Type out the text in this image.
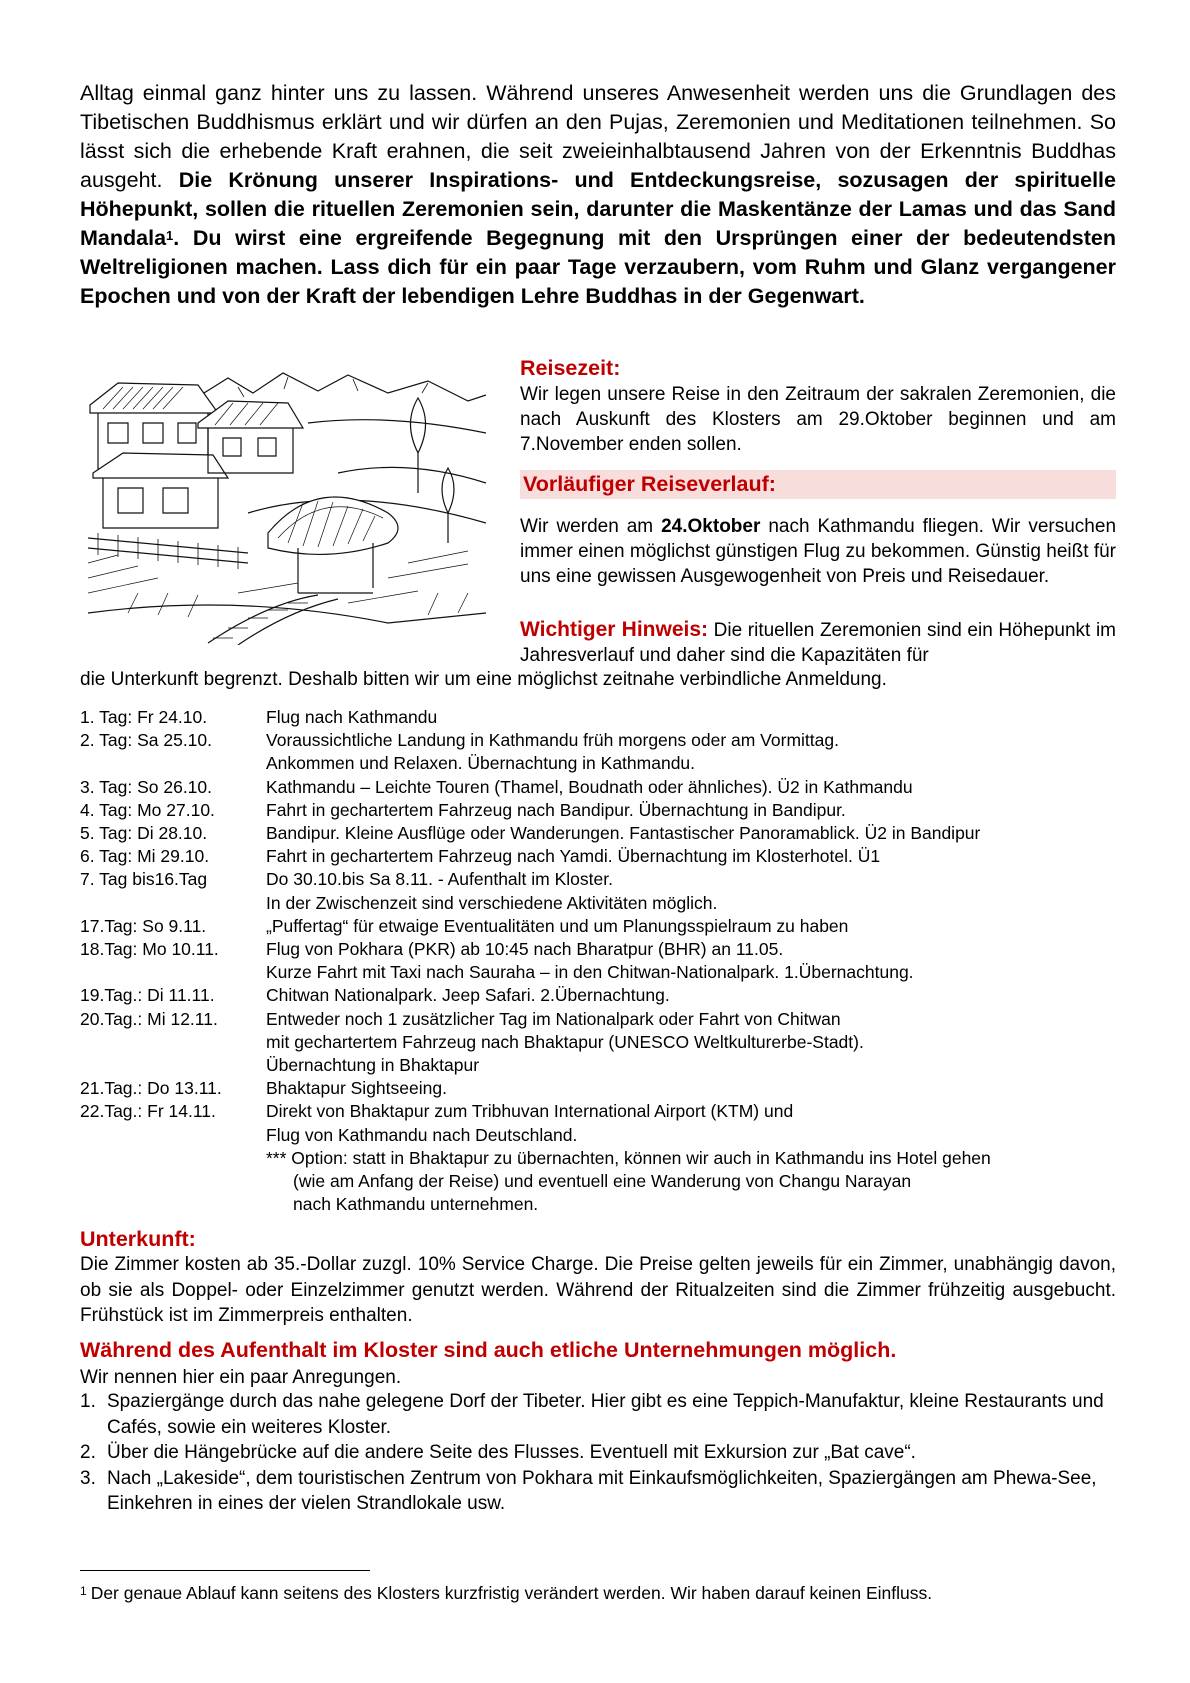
Alltag einmal ganz hinter uns zu lassen. Während unseres Anwesenheit werden uns die Grundlagen des Tibetischen Buddhismus erklärt und wir dürfen an den Pujas, Zeremonien und Meditationen teilnehmen. So lässt sich die erhebende Kraft erahnen, die seit zweieinhalbtausend Jahren von der Erkenntnis Buddhas ausgeht. Die Krönung unserer Inspirations- und Entdeckungsreise, sozusagen der spirituelle Höhepunkt, sollen die rituellen Zeremonien sein, darunter die Maskentänze der Lamas und das Sand Mandala$^1$. Du wirst eine ergreifende Begegnung mit den Ursprüngen einer der bedeutendsten Weltreligionen machen. Lass dich für ein paar Tage verzaubern, vom Ruhm und Glanz vergangener Epochen und von der Kraft der lebendigen Lehre Buddhas in der Gegenwart.

Reisezeit:

Wir legen unsere Reise in den Zeitraum der sakralen Zeremonien, die nach Auskunft des Klosters am 29.Oktober beginnen und am 7.November enden sollen.

Vorläufiger Reiseverlauf:

Wir werden am 24.Oktober nach Kathmandu fliegen. Wir versuchen immer einen möglichst günstigen Flug zu bekommen. Günstig heißt für uns eine gewissen Ausgewogenheit von Preis und Reisedauer.

Wichtiger Hinweis: Die rituellen Zeremonien sind ein Höhepunkt im Jahresverlauf und daher sind die Kapazitäten für

die Unterkunft begrenzt. Deshalb bitten wir um eine möglichst zeitnahe verbindliche Anmeldung.

1. Tag: Fr 24.10.	Flug nach Kathmandu
2. Tag: Sa 25.10.	Voraussichtliche Landung in Kathmandu früh morgens oder am Vormittag.
Ankommen und Relaxen. Übernachtung in Kathmandu.
3. Tag: So 26.10.	Kathmandu – Leichte Touren (Thamel, Boudnath oder ähnliches). Ü2 in Kathmandu
4. Tag: Mo 27.10.	Fahrt in gechartertem Fahrzeug nach Bandipur. Übernachtung in Bandipur.
5. Tag: Di 28.10.	Bandipur. Kleine Ausflüge oder Wanderungen. Fantastischer Panoramablick. Ü2 in Bandipur
6. Tag: Mi 29.10.	Fahrt in gechartertem Fahrzeug nach Yamdi. Übernachtung im Klosterhotel. Ü1
7. Tag bis16.Tag	Do 30.10.bis Sa 8.11. - Aufenthalt im Kloster.
In der Zwischenzeit sind verschiedene Aktivitäten möglich.
17.Tag: So 9.11.	„Puffertag“ für etwaige Eventualitäten und um Planungsspielraum zu haben
18.Tag: Mo 10.11.	Flug von Pokhara (PKR) ab 10:45 nach Bharatpur (BHR) an 11.05.
Kurze Fahrt mit Taxi nach Sauraha – in den Chitwan-Nationalpark. 1.Übernachtung.
19.Tag.: Di 11.11.	Chitwan Nationalpark. Jeep Safari. 2.Übernachtung.
20.Tag.: Mi 12.11.	Entweder noch 1 zusätzlicher Tag im Nationalpark oder Fahrt von Chitwan
mit gechartertem Fahrzeug nach Bhaktapur (UNESCO Weltkulturerbe-Stadt).
Übernachtung in Bhaktapur
21.Tag.: Do 13.11.	Bhaktapur Sightseeing.
22.Tag.: Fr 14.11.	Direkt von Bhaktapur zum Tribhuvan International Airport (KTM) und
Flug von Kathmandu nach Deutschland.
*** Option: statt in Bhaktapur zu übernachten, können wir auch in Kathmandu ins Hotel gehen
(wie am Anfang der Reise) und eventuell eine Wanderung von Changu Narayan
nach Kathmandu unternehmen.
Unterkunft:

Die Zimmer kosten ab 35.-Dollar zuzgl. 10% Service Charge. Die Preise gelten jeweils für ein Zimmer, unabhängig davon, ob sie als Doppel- oder Einzelzimmer genutzt werden. Während der Ritualzeiten sind die Zimmer frühzeitig ausgebucht. Frühstück ist im Zimmerpreis enthalten.

Während des Aufenthalt im Kloster sind auch etliche Unternehmungen möglich.
Wir nennen hier ein paar Anregungen.
1. Spaziergänge durch das nahe gelegene Dorf der Tibeter. Hier gibt es eine Teppich-Manufaktur, kleine Restaurants und Cafés, sowie ein weiteres Kloster.
2. Über die Hängebrücke auf die andere Seite des Flusses. Eventuell mit Exkursion zur „Bat cave“.
3. Nach „Lakeside“, dem touristischen Zentrum von Pokhara mit Einkaufsmöglichkeiten, Spaziergängen am Phewa-See, Einkehren in eines der vielen Strandlokale usw.
$^1$ Der genaue Ablauf kann seitens des Klosters kurzfristig verändert werden. Wir haben darauf keinen Einfluss.
